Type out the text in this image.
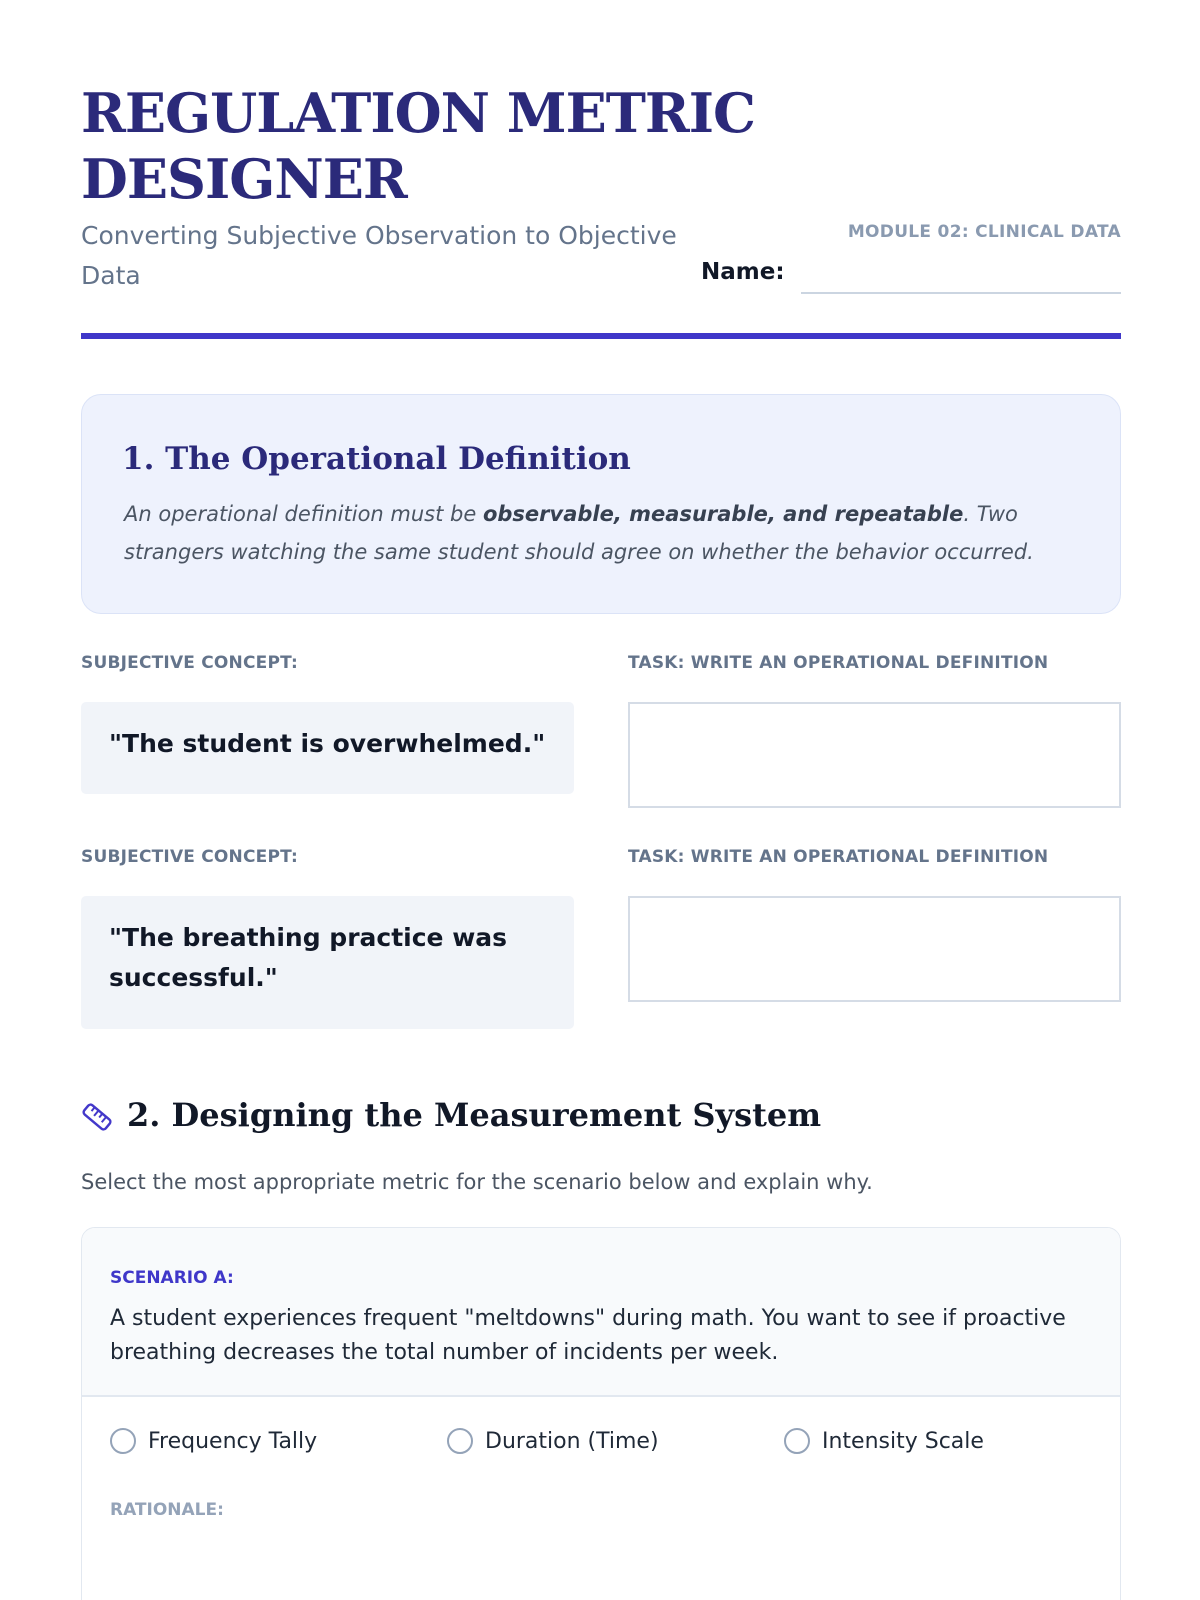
REGULATION METRIC DESIGNER
Converting Subjective Observation to Objective Data
MODULE 02: CLINICAL DATA
Name:
1. The Operational Definition

An operational definition must be observable, measurable, and repeatable. Two strangers watching the same student should agree on whether the behavior occurred.

SUBJECTIVE CONCEPT:	TASK: WRITE AN OPERATIONAL DEFINITION
"The student is overwhelmed."
SUBJECTIVE CONCEPT:	TASK: WRITE AN OPERATIONAL DEFINITION
"The breathing practice was successful."
2. Designing the Measurement System

Select the most appropriate metric for the scenario below and explain why.

SCENARIO A:

A student experiences frequent "meltdowns" during math. You want to see if proactive breathing decreases the total number of incidents per week.

Frequency Tally	Duration (Time)	Intensity Scale
RATIONALE:
